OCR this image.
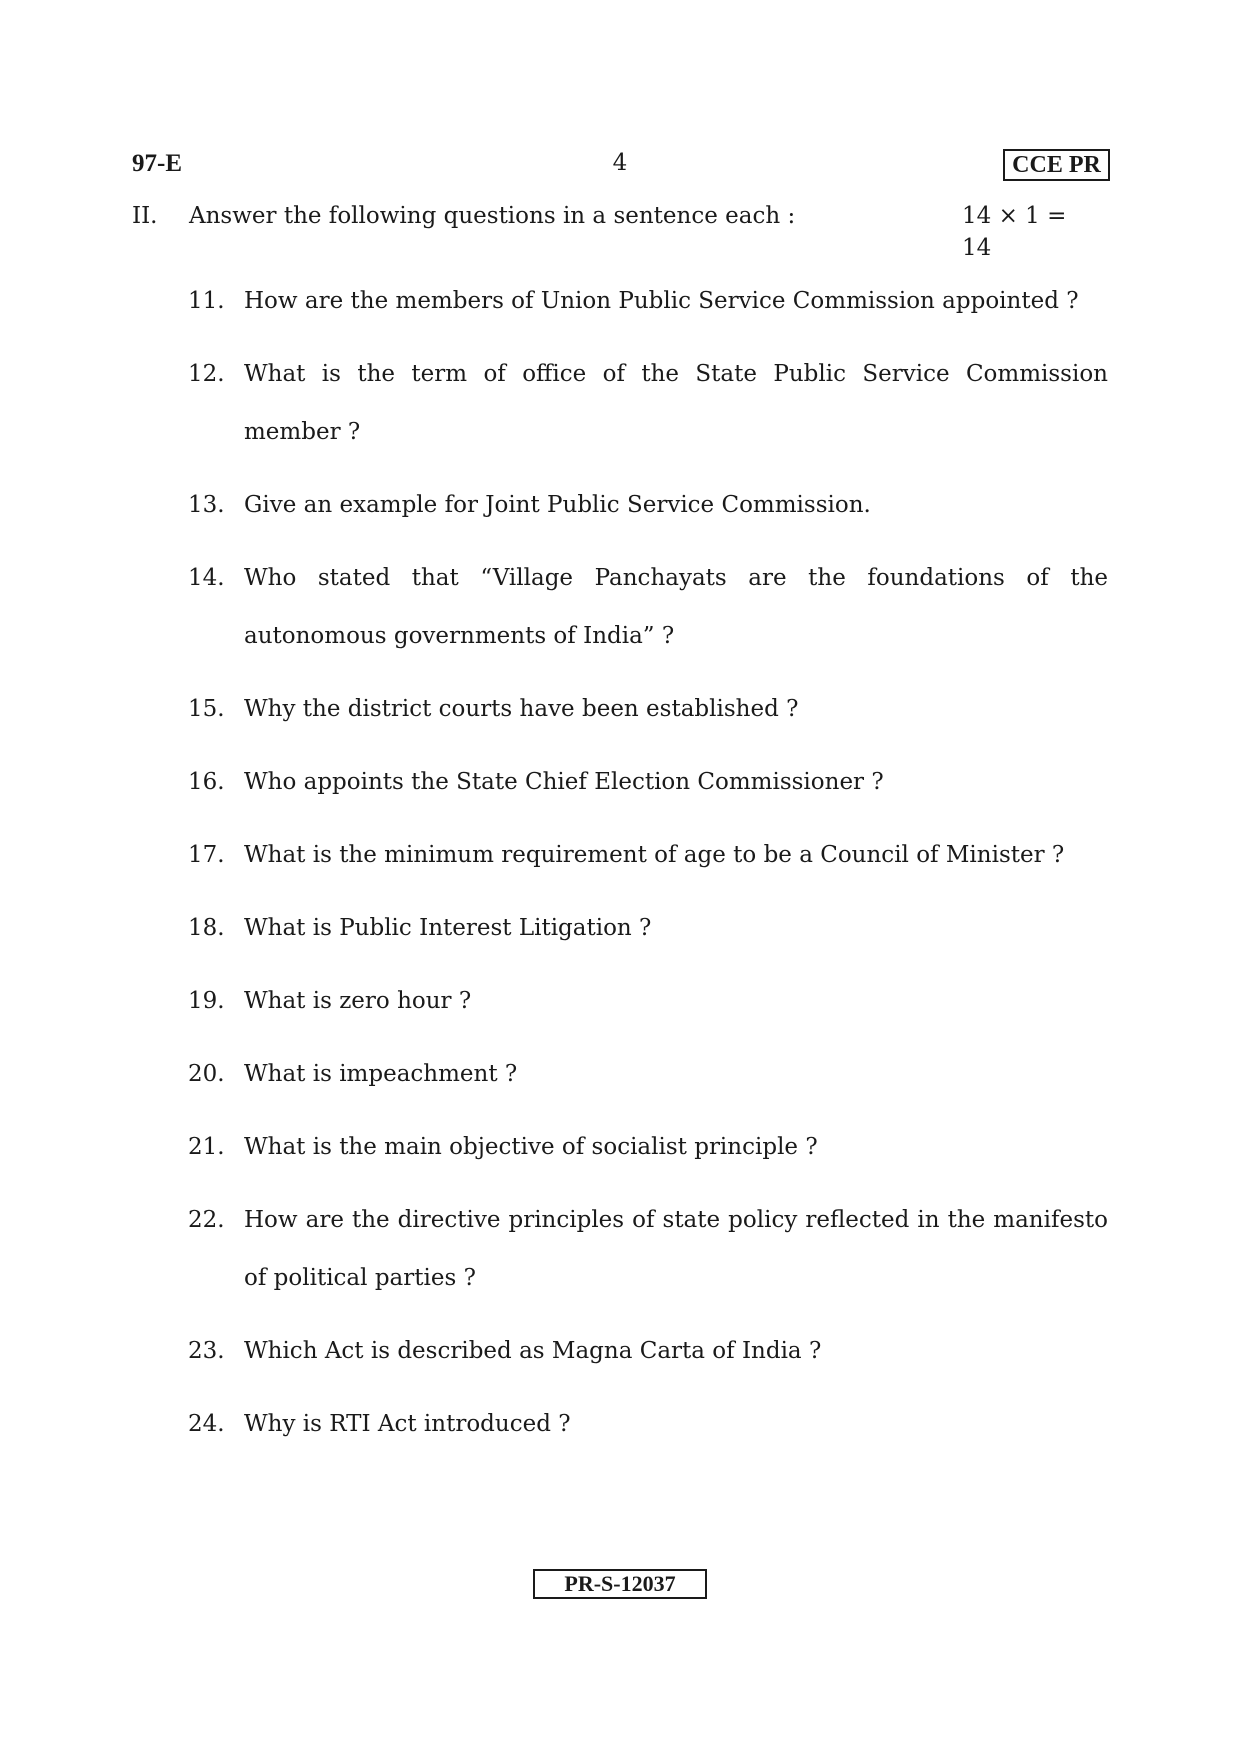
97-E	4	CCE PR
II. Answer the following questions in a sentence each :	14 × 1 = 14
11. How are the members of Union Public Service Commission appointed ?
12. What is the term of office of the State Public Service Commission member ?
13. Give an example for Joint Public Service Commission.
14. Who stated that “Village Panchayats are the foundations of the autonomous governments of India” ?
15. Why the district courts have been established ?
16. Who appoints the State Chief Election Commissioner ?
17. What is the minimum requirement of age to be a Council of Minister ?
18. What is Public Interest Litigation ?
19. What is zero hour ?
20. What is impeachment ?
21. What is the main objective of socialist principle ?
22. How are the directive principles of state policy reflected in the manifesto of political parties ?
23. Which Act is described as Magna Carta of India ?
24. Why is RTI Act introduced ?
PR-S-12037
